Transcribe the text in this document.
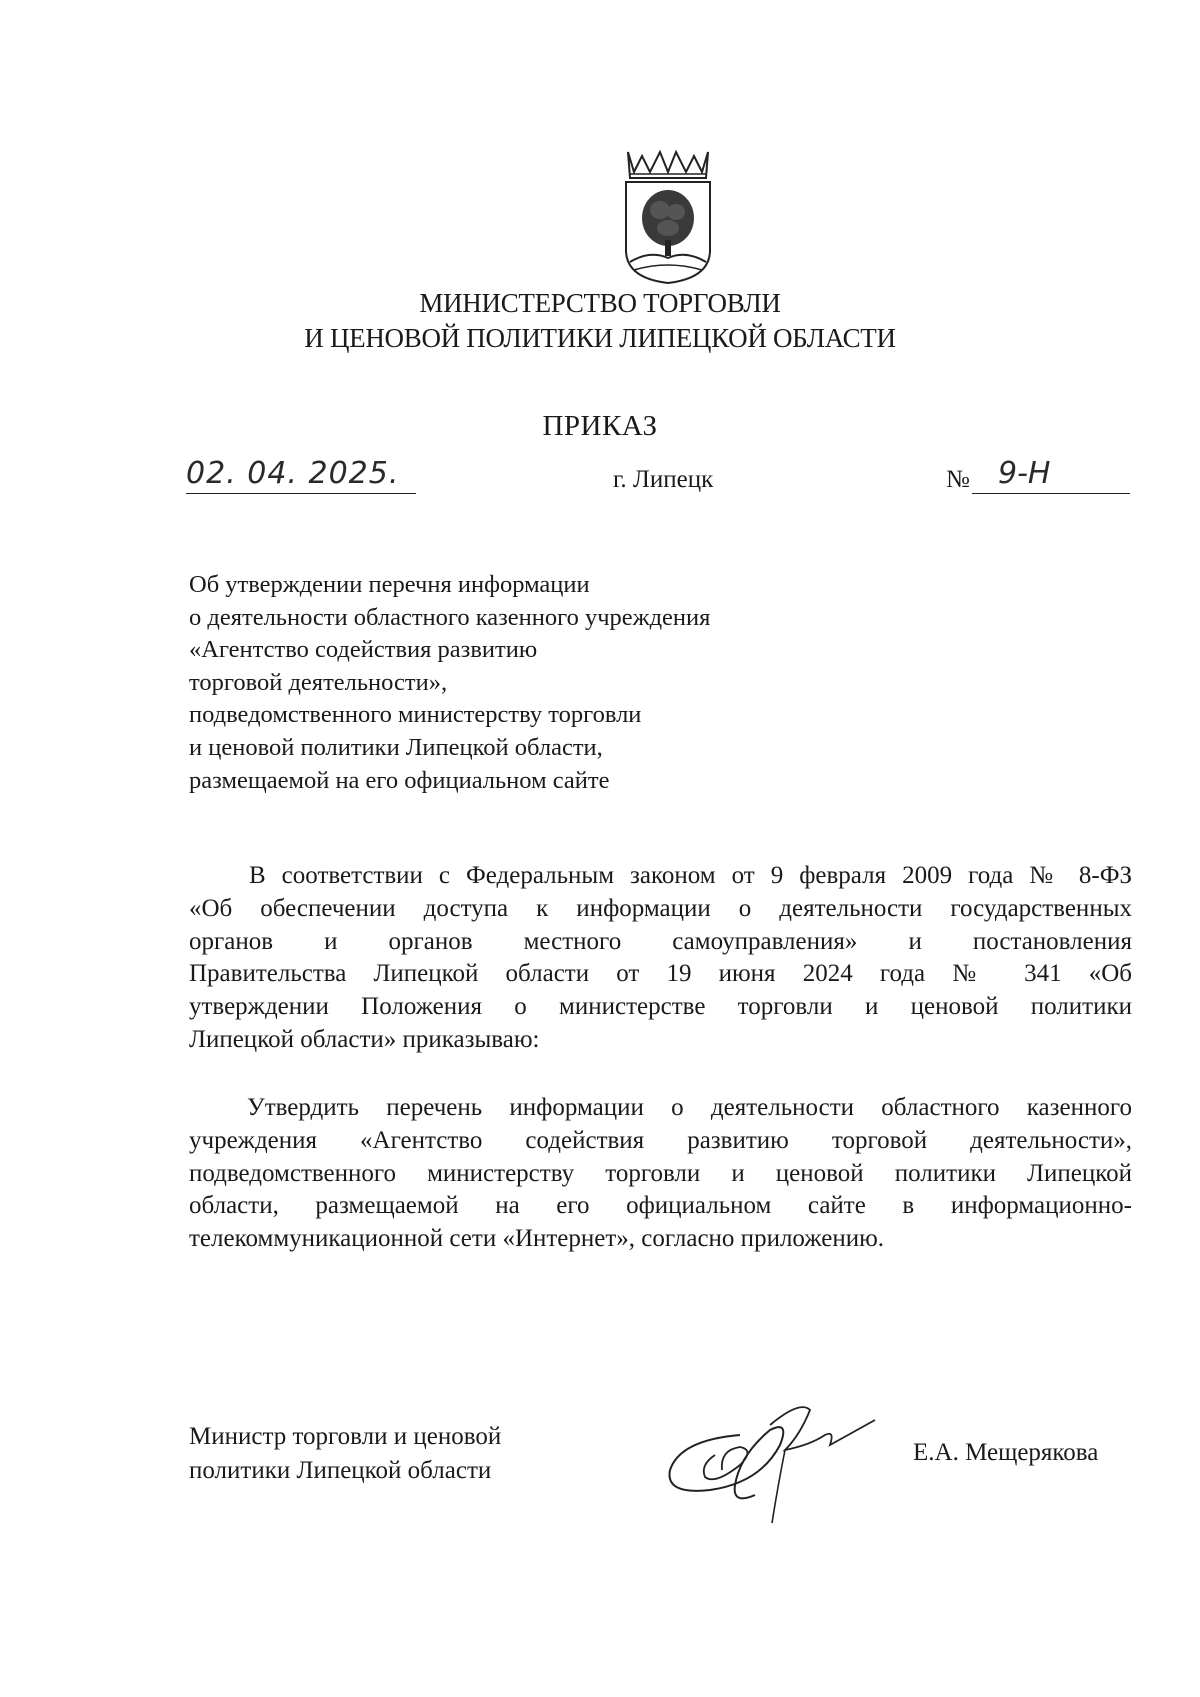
МИНИСТЕРСТВО ТОРГОВЛИ
И ЦЕНОВОЙ ПОЛИТИКИ ЛИПЕЦКОЙ ОБЛАСТИ
ПРИКАЗ
02. 04. 2025.	г. Липецк	№ 9-Н
Об утверждении перечня информации
о деятельности областного казенного учреждения
«Агентство содействия развитию
торговой деятельности»,
подведомственного министерству торговли
и ценовой политики Липецкой области,
размещаемой на его официальном сайте
В соответствии с Федеральным законом от 9 февраля 2009 года № 8-ФЗ
«Об обеспечении доступа к информации о деятельности государственных
органов и органов местного самоуправления» и постановления
Правительства Липецкой области от 19 июня 2024 года № 341 «Об
утверждении Положения о министерстве торговли и ценовой политики
Липецкой области» приказываю:
Утвердить перечень информации о деятельности областного казенного
учреждения «Агентство содействия развитию торговой деятельности»,
подведомственного министерству торговли и ценовой политики Липецкой
области, размещаемой на его официальном сайте в информационно-
телекоммуникационной сети «Интернет», согласно приложению.
Министр торговли и ценовой
политики Липецкой области
Е.А. Мещерякова
